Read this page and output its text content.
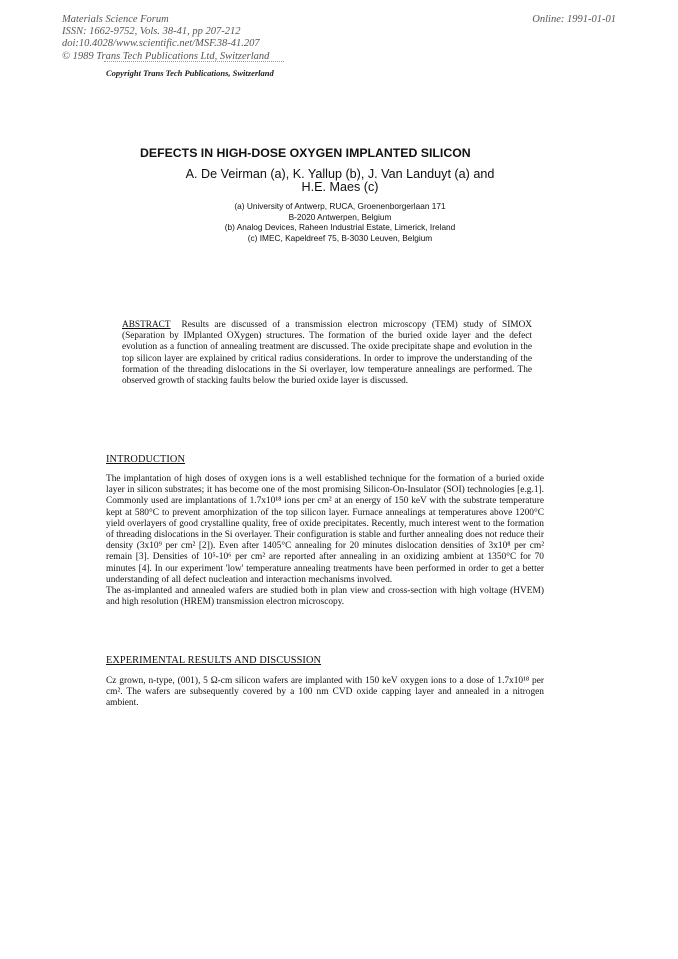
Materials Science Forum
ISSN: 1662-9752, Vols. 38-41, pp 207-212
doi:10.4028/www.scientific.net/MSF.38-41.207
© 1989 Trans Tech Publications Ltd, Switzerland
Online: 1991-01-01
Copyright Trans Tech Publications, Switzerland
DEFECTS IN HIGH-DOSE OXYGEN IMPLANTED SILICON
A. De Veirman (a), K. Yallup (b), J. Van Landuyt (a) and
H.E. Maes (c)
(a) University of Antwerp, RUCA, Groenenborgerlaan 171
B-2020 Antwerpen, Belgium
(b) Analog Devices, Raheen Industrial Estate, Limerick, Ireland
(c) IMEC, Kapeldreef 75, B-3030 Leuven, Belgium
ABSTRACT Results are discussed of a transmission electron microscopy (TEM) study of SIMOX (Separation by IMplanted OXygen) structures. The formation of the buried oxide layer and the defect evolution as a function of annealing treatment are discussed. The oxide precipitate shape and evolution in the top silicon layer are explained by critical radius considerations. In order to improve the understanding of the formation of the threading dislocations in the Si overlayer, low temperature annealings are performed. The observed growth of stacking faults below the buried oxide layer is discussed.
INTRODUCTION

The implantation of high doses of oxygen ions is a well established technique for the formation of a buried oxide layer in silicon substrates; it has become one of the most promising Silicon-On-Insulator (SOI) technologies [e.g.1]. Commonly used are implantations of 1.7x10¹⁸ ions per cm² at an energy of 150 keV with the substrate temperature kept at 580°C to prevent amorphization of the top silicon layer. Furnace annealings at temperatures above 1200°C yield overlayers of good crystalline quality, free of oxide precipitates. Recently, much interest went to the formation of threading dislocations in the Si overlayer. Their configuration is stable and further annealing does not reduce their density (3x10⁹ per cm² [2]). Even after 1405°C annealing for 20 minutes dislocation densities of 3x10⁸ per cm² remain [3]. Densities of 10⁵-10⁶ per cm² are reported after annealing in an oxidizing ambient at 1350°C for 70 minutes [4]. In our experiment 'low' temperature annealing treatments have been performed in order to get a better understanding of all defect nucleation and interaction mechanisms involved.

The as-implanted and annealed wafers are studied both in plan view and cross-section with high voltage (HVEM) and high resolution (HREM) transmission electron microscopy.

EXPERIMENTAL RESULTS AND DISCUSSION

Cz grown, n-type, (001), 5 Ω-cm silicon wafers are implanted with 150 keV oxygen ions to a dose of 1.7x10¹⁸ per cm². The wafers are subsequently covered by a 100 nm CVD oxide capping layer and annealed in a nitrogen ambient.
